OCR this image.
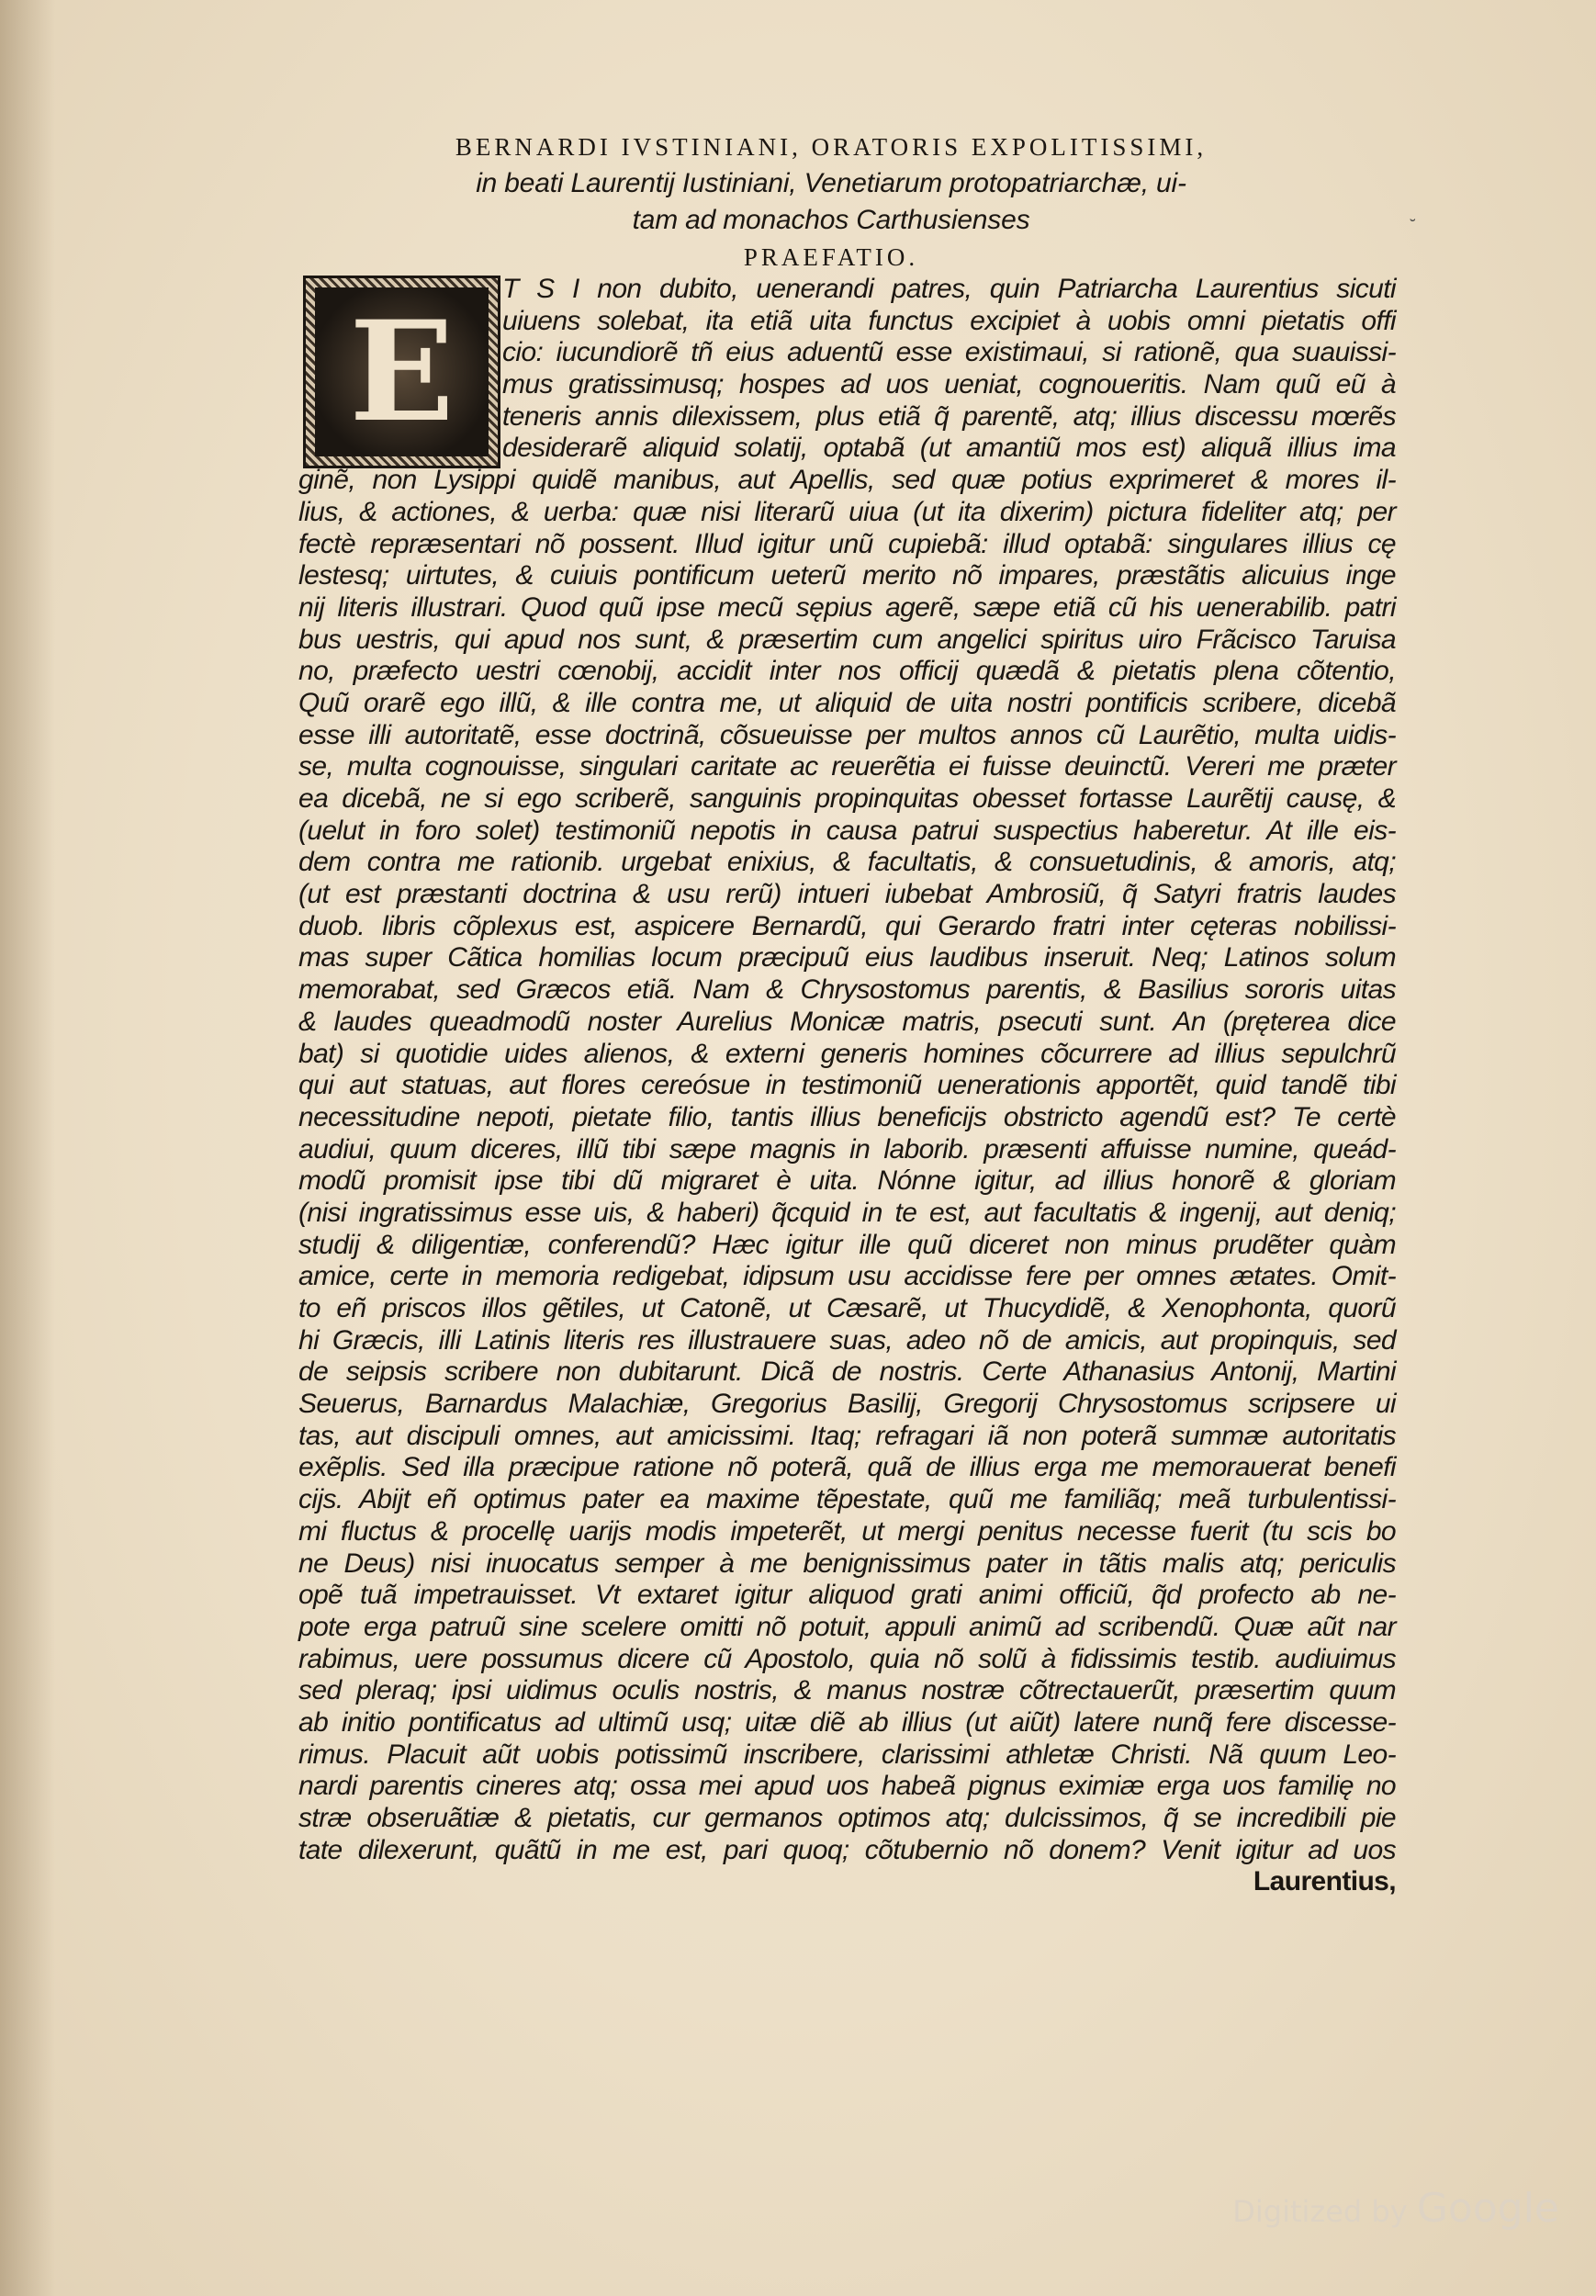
BERNARDI IVSTINIANI, ORATORIS EXPOLITISSIMI,
in beati Laurentij Iustiniani, Venetiarum protopatriarchæ, ui-
tam ad monachos Carthusienses
PRAEFATIO.
˘
E
T S I non dubito, uenerandi patres, quin Patriarcha Laurentius sicuti
uiuens solebat, ita etiã uita functus excipiet à uobis omni pietatis offi
cio: iucundiorẽ tñ eius aduentũ esse existimaui, si rationẽ, qua suauissi-
mus gratissimusq; hospes ad uos ueniat, cognoueritis. Nam quũ eũ à
teneris annis dilexissem, plus etiã q̃ parentẽ, atq; illius discessu mœrẽs
desiderarẽ aliquid solatij, optabã (ut amantiũ mos est) aliquã illius ima
ginẽ, non Lysippi quidẽ manibus, aut Apellis, sed quæ potius exprimeret & mores il-
lius, & actiones, & uerba: quæ nisi literarũ uiua (ut ita dixerim) pictura fideliter atq; per
fectè repræsentari nõ possent. Illud igitur unũ cupiebã: illud optabã: singulares illius cę
lestesq; uirtutes, & cuiuis pontificum ueterũ merito nõ impares, præstãtis alicuius inge
nij literis illustrari. Quod quũ ipse mecũ sępius agerẽ, sæpe etiã cũ his uenerabilib. patri
bus uestris, qui apud nos sunt, & præsertim cum angelici spiritus uiro Frãcisco Taruisa
no, præfecto uestri cœnobij, accidit inter nos officij quædã & pietatis plena cõtentio,
Quũ orarẽ ego illũ, & ille contra me, ut aliquid de uita nostri pontificis scribere, dicebã
esse illi autoritatẽ, esse doctrinã, cõsueuisse per multos annos cũ Laurẽtio, multa uidis-
se, multa cognouisse, singulari caritate ac reuerẽtia ei fuisse deuinctũ. Vereri me præter
ea dicebã, ne si ego scriberẽ, sanguinis propinquitas obesset fortasse Laurẽtij causę, &
(uelut in foro solet) testimoniũ nepotis in causa patrui suspectius haberetur. At ille eis-
dem contra me rationib. urgebat enixius, & facultatis, & consuetudinis, & amoris, atq;
(ut est præstanti doctrina & usu rerũ) intueri iubebat Ambrosiũ, q̃ Satyri fratris laudes
duob. libris cõplexus est, aspicere Bernardũ, qui Gerardo fratri inter cęteras nobilissi-
mas super Cãtica homilias locum præcipuũ eius laudibus inseruit. Neq; Latinos solum
memorabat, sed Græcos etiã. Nam & Chrysostomus parentis, & Basilius sororis uitas
& laudes queadmodũ noster Aurelius Monicæ matris, psecuti sunt. An (pręterea dice
bat) si quotidie uides alienos, & externi generis homines cõcurrere ad illius sepulchrũ
qui aut statuas, aut flores cereósue in testimoniũ uenerationis apportẽt, quid tandẽ tibi
necessitudine nepoti, pietate filio, tantis illius beneficijs obstricto agendũ est? Te certè
audiui, quum diceres, illũ tibi sæpe magnis in laborib. præsenti affuisse numine, queád-
modũ promisit ipse tibi dũ migraret è uita. Nónne igitur, ad illius honorẽ & gloriam
(nisi ingratissimus esse uis, & haberi) q̃cquid in te est, aut facultatis & ingenij, aut deniq;
studij & diligentiæ, conferendũ? Hæc igitur ille quũ diceret non minus prudẽter quàm
amice, certe in memoria redigebat, idipsum usu accidisse fere per omnes ætates. Omit-
to eñ priscos illos gẽtiles, ut Catonẽ, ut Cæsarẽ, ut Thucydidẽ, & Xenophonta, quorũ
hi Græcis, illi Latinis literis res illustrauere suas, adeo nõ de amicis, aut propinquis, sed
de seipsis scribere non dubitarunt. Dicã de nostris. Certe Athanasius Antonij, Martini
Seuerus, Barnardus Malachiæ, Gregorius Basilij, Gregorij Chrysostomus scripsere ui
tas, aut discipuli omnes, aut amicissimi. Itaq; refragari iã non poterã summæ autoritatis
exẽplis. Sed illa præcipue ratione nõ poterã, quã de illius erga me memorauerat benefi
cijs. Abijt eñ optimus pater ea maxime tẽpestate, quũ me familiãq; meã turbulentissi-
mi fluctus & procellę uarijs modis impeterẽt, ut mergi penitus necesse fuerit (tu scis bo
ne Deus) nisi inuocatus semper à me benignissimus pater in tãtis malis atq; periculis
opẽ tuã impetrauisset. Vt extaret igitur aliquod grati animi officiũ, q̃d profecto ab ne-
pote erga patruũ sine scelere omitti nõ potuit, appuli animũ ad scribendũ. Quæ aũt nar
rabimus, uere possumus dicere cũ Apostolo, quia nõ solũ à fidissimis testib. audiuimus
sed pleraq; ipsi uidimus oculis nostris, & manus nostræ cõtrectauerũt, præsertim quum
ab initio pontificatus ad ultimũ usq; uitæ diẽ ab illius (ut aiũt) latere nunq̃ fere discesse-
rimus. Placuit aũt uobis potissimũ inscribere, clarissimi athletæ Christi. Nã quum Leo-
nardi parentis cineres atq; ossa mei apud uos habeã pignus eximiæ erga uos familię no
stræ obseruãtiæ & pietatis, cur germanos optimos atq; dulcissimos, q̃ se incredibili pie
tate dilexerunt, quãtũ in me est, pari quoq; cõtubernio nõ donem? Venit igitur ad uos
Laurentius,
Digitized by Google
